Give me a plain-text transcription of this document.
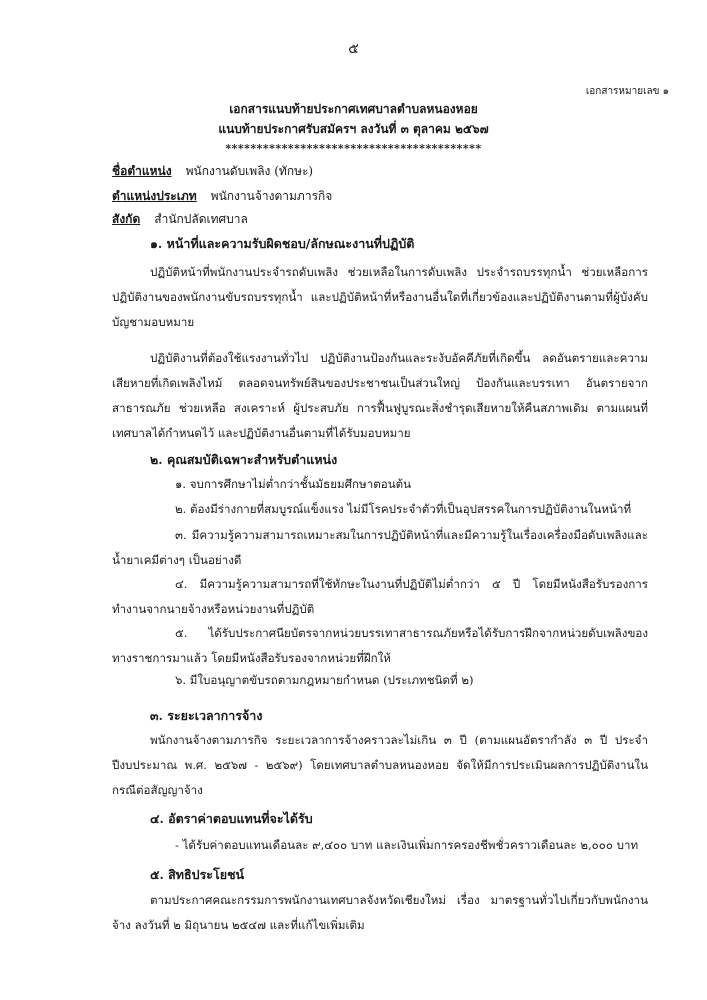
๕
เอกสารหมายเลข ๑
เอกสารแนบท้ายประกาศเทศบาลตำบลหนองหอย
แนบท้ายประกาศรับสมัครฯ ลงวันที่ ๓ ตุลาคม ๒๕๖๗
*****************************************
ชื่อตำแหน่ง พนักงานดับเพลิง (ทักษะ)
ตำแหน่งประเภท พนักงานจ้างตามภารกิจ
สังกัด สำนักปลัดเทศบาล
๑. หน้าที่และความรับผิดชอบ/ลักษณะงานที่ปฏิบัติ
ปฏิบัติหน้าที่พนักงานประจำรถดับเพลิง ช่วยเหลือในการดับเพลิง ประจำรถบรรทุกน้ำ ช่วยเหลือการปฏิบัติงานของพนักงานขับรถบรรทุกน้ำ และปฏิบัติหน้าที่หรืองานอื่นใดที่เกี่ยวข้องและปฏิบัติงานตามที่ผู้บังคับบัญชามอบหมาย
ปฏิบัติงานที่ต้องใช้แรงงานทั่วไป ปฏิบัติงานป้องกันและระงับอัคคีภัยที่เกิดขึ้น ลดอันตรายและความเสียหายที่เกิดเพลิงไหม้ ตลอดจนทรัพย์สินของประชาชนเป็นส่วนใหญ่ ป้องกันและบรรเทา อันตรายจากสาธารณภัย ช่วยเหลือ สงเคราะห์ ผู้ประสบภัย การฟื้นฟูบูรณะสิ่งชำรุดเสียหายให้คืนสภาพเดิม ตามแผนที่เทศบาลได้กำหนดไว้ และปฏิบัติงานอื่นตามที่ได้รับมอบหมาย
๒. คุณสมบัติเฉพาะสำหรับตำแหน่ง
๑. จบการศึกษาไม่ต่ำกว่าชั้นมัธยมศึกษาตอนต้น
๒. ต้องมีร่างกายที่สมบูรณ์แข็งแรง ไม่มีโรคประจำตัวที่เป็นอุปสรรคในการปฏิบัติงานในหน้าที่
๓. มีความรู้ความสามารถเหมาะสมในการปฏิบัติหน้าที่และมีความรู้ในเรื่องเครื่องมือดับเพลิงและน้ำยาเคมีต่างๆ เป็นอย่างดี
๔. มีความรู้ความสามารถที่ใช้ทักษะในงานที่ปฏิบัติไม่ต่ำกว่า ๕ ปี โดยมีหนังสือรับรองการทำงานจากนายจ้างหรือหน่วยงานที่ปฏิบัติ
๕. ได้รับประกาศนียบัตรจากหน่วยบรรเทาสาธารณภัยหรือได้รับการฝึกจากหน่วยดับเพลิงของทางราชการมาแล้ว โดยมีหนังสือรับรองจากหน่วยที่ฝึกให้
๖. มีใบอนุญาตขับรถตามกฎหมายกำหนด (ประเภทชนิดที่ ๒)
๓. ระยะเวลาการจ้าง
พนักงานจ้างตามภารกิจ ระยะเวลาการจ้างคราวละไม่เกิน ๓ ปี (ตามแผนอัตรากำลัง ๓ ปี ประจำปีงบประมาณ พ.ศ. ๒๕๖๗ - ๒๕๖๙) โดยเทศบาลตำบลหนองหอย จัดให้มีการประเมินผลการปฏิบัติงานในกรณีต่อสัญญาจ้าง
๔. อัตราค่าตอบแทนที่จะได้รับ
- ได้รับค่าตอบแทนเดือนละ ๙,๔๐๐ บาท และเงินเพิ่มการครองชีพชั่วคราวเดือนละ ๒,๐๐๐ บาท
๕. สิทธิประโยชน์
ตามประกาศคณะกรรมการพนักงานเทศบาลจังหวัดเชียงใหม่ เรื่อง มาตรฐานทั่วไปเกี่ยวกับพนักงานจ้าง ลงวันที่ ๒ มิถุนายน ๒๕๔๗ และที่แก้ไขเพิ่มเติม
